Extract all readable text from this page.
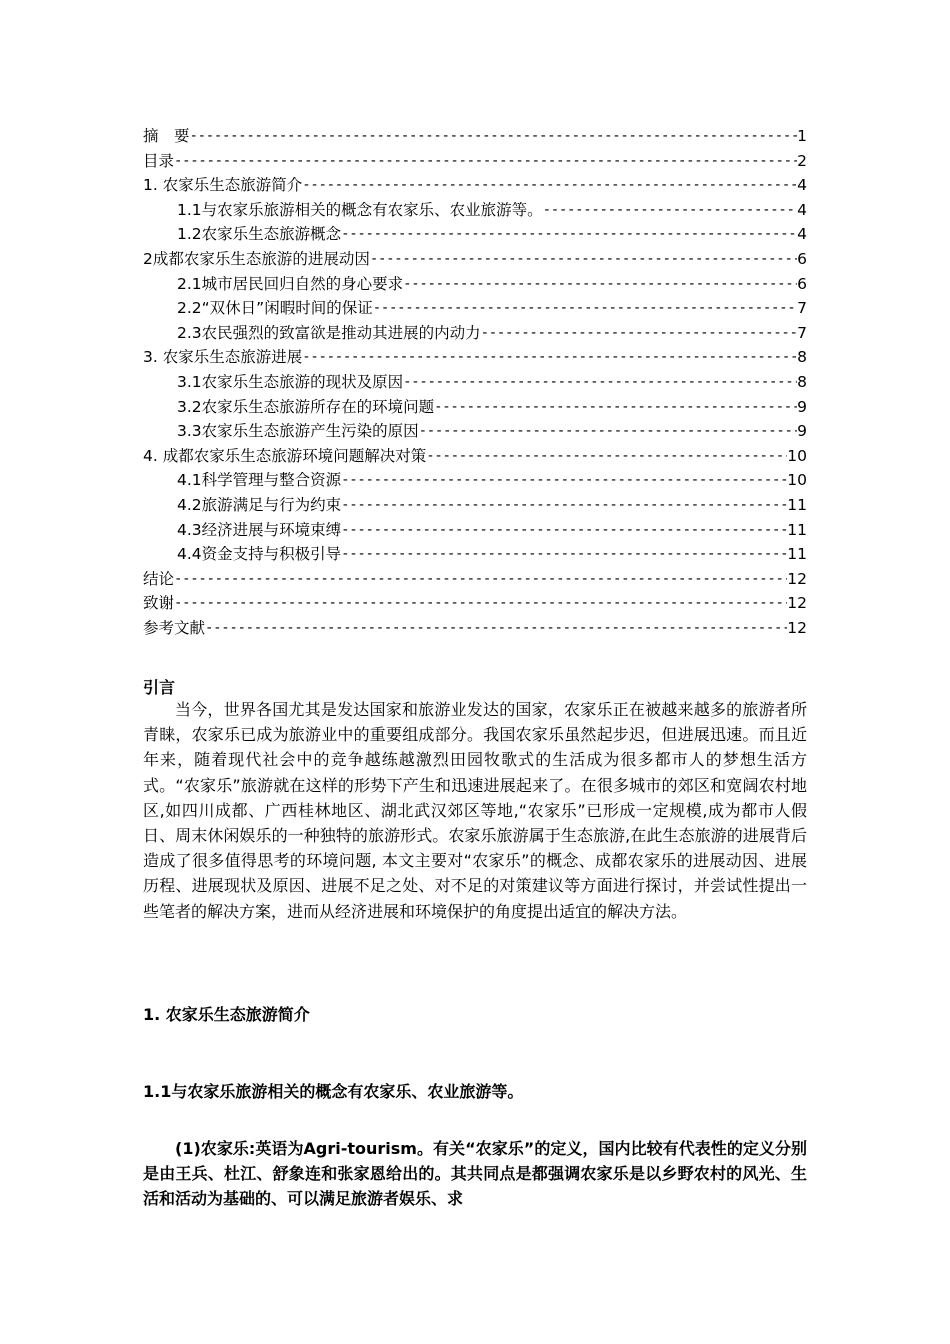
摘　要 -----	1
目录 -----	2
1. 农家乐生态旅游简介 -----	4
1.1与农家乐旅游相关的概念有农家乐、农业旅游等。 -----	4
1.2农家乐生态旅游概念 -----	4
2成都农家乐生态旅游的进展动因 -----	6
2.1城市居民回归自然的身心要求 -----	6
2.2“双休日”闲暇时间的保证 -----	7
2.3农民强烈的致富欲是推动其进展的内动力 -----	7
3. 农家乐生态旅游进展 -----	8
3.1农家乐生态旅游的现状及原因 -----	8
3.2农家乐生态旅游所存在的环境问题 -----	9
3.3农家乐生态旅游产生污染的原因 -----	9
4. 成都农家乐生态旅游环境问题解决对策 -----	10
4.1科学管理与整合资源 -----	10
4.2旅游满足与行为约束 -----	11
4.3经济进展与环境束缚 -----	11
4.4资金支持与积极引导 -----	11
结论 -----	12
致谢 -----	12
参考文献 -----	12
引言
当今，世界各国尤其是发达国家和旅游业发达的国家，农家乐正在被越来越多的旅游者所青睐，农家乐已成为旅游业中的重要组成部分。我国农家乐虽然起步迟，但进展迅速。而且近年来，随着现代社会中的竞争越练越激烈田园牧歌式的生活成为很多都市人的梦想生活方式。“农家乐”旅游就在这样的形势下产生和迅速进展起来了。在很多城市的郊区和宽阔农村地区,如四川成都、广西桂林地区、湖北武汉郊区等地,“农家乐”已形成一定规模,成为都市人假日、周末休闲娱乐的一种独特的旅游形式。农家乐旅游属于生态旅游,在此生态旅游的进展背后造成了很多值得思考的环境问题, 本文主要对“农家乐”的概念、成都农家乐的进展动因、进展历程、进展现状及原因、进展不足之处、对不足的对策建议等方面进行探讨，并尝试性提出一些笔者的解决方案，进而从经济进展和环境保护的角度提出适宜的解决方法。
1. 农家乐生态旅游简介
1.1与农家乐旅游相关的概念有农家乐、农业旅游等。
(1)农家乐:英语为Agri-tourism。有关“农家乐”的定义，国内比较有代表性的定义分别是由王兵、杜江、舒象连和张家恩给出的。其共同点是都强调农家乐是以乡野农村的风光、生活和活动为基础的、可以满足旅游者娱乐、求
